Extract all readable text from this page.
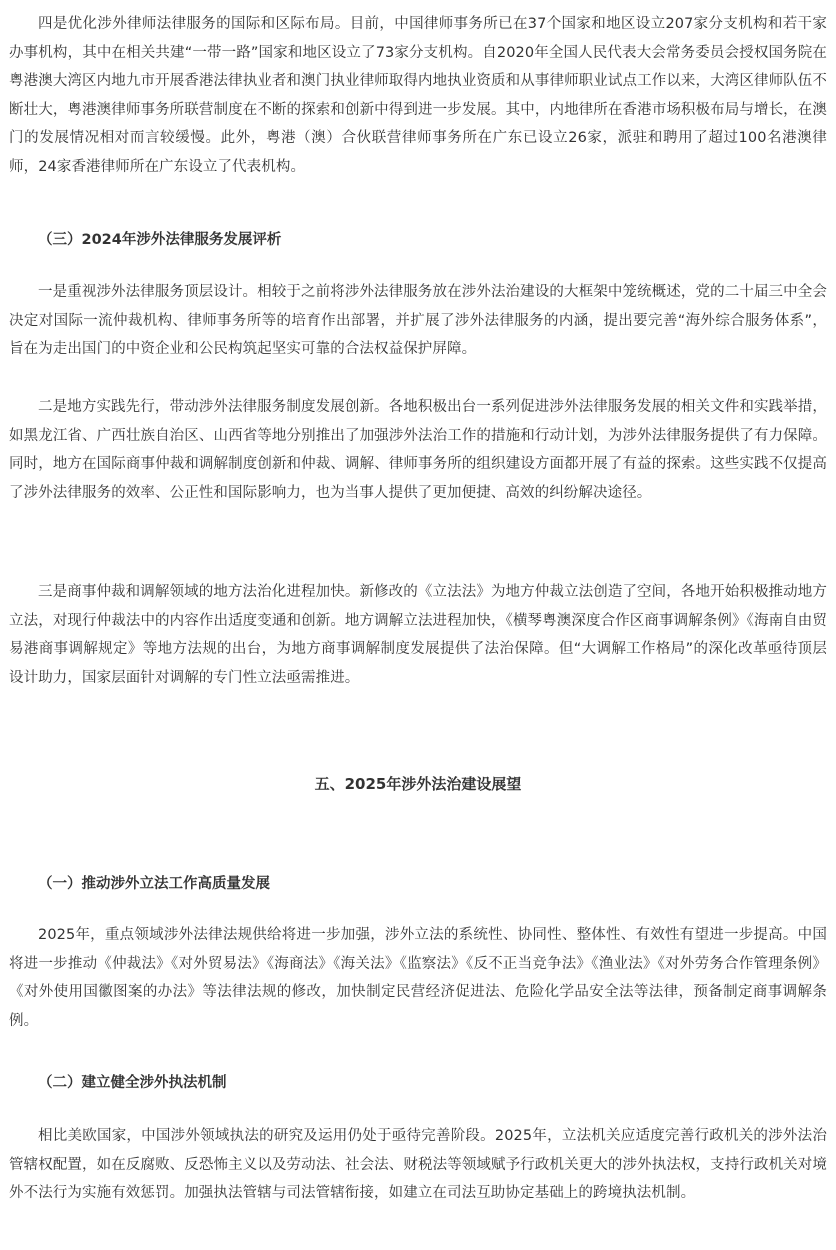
四是优化涉外律师法律服务的国际和区际布局。目前，中国律师事务所已在37个国家和地区设立207家分支机构和若干家办事机构，其中在相关共建“一带一路”国家和地区设立了73家分支机构。自2020年全国人民代表大会常务委员会授权国务院在粤港澳大湾区内地九市开展香港法律执业者和澳门执业律师取得内地执业资质和从事律师职业试点工作以来，大湾区律师队伍不断壮大，粤港澳律师事务所联营制度在不断的探索和创新中得到进一步发展。其中，内地律所在香港市场积极布局与增长，在澳门的发展情况相对而言较缓慢。此外，粤港（澳）合伙联营律师事务所在广东已设立26家，派驻和聘用了超过100名港澳律师，24家香港律师所在广东设立了代表机构。

（三）2024年涉外法律服务发展评析

一是重视涉外法律服务顶层设计。相较于之前将涉外法律服务放在涉外法治建设的大框架中笼统概述，党的二十届三中全会决定对国际一流仲裁机构、律师事务所等的培育作出部署，并扩展了涉外法律服务的内涵，提出要完善“海外综合服务体系”，旨在为走出国门的中资企业和公民构筑起坚实可靠的合法权益保护屏障。

二是地方实践先行，带动涉外法律服务制度发展创新。各地积极出台一系列促进涉外法律服务发展的相关文件和实践举措，如黑龙江省、广西壮族自治区、山西省等地分别推出了加强涉外法治工作的措施和行动计划，为涉外法律服务提供了有力保障。同时，地方在国际商事仲裁和调解制度创新和仲裁、调解、律师事务所的组织建设方面都开展了有益的探索。这些实践不仅提高了涉外法律服务的效率、公正性和国际影响力，也为当事人提供了更加便捷、高效的纠纷解决途径。

三是商事仲裁和调解领域的地方法治化进程加快。新修改的《立法法》为地方仲裁立法创造了空间，各地开始积极推动地方立法，对现行仲裁法中的内容作出适度变通和创新。地方调解立法进程加快，《横琴粤澳深度合作区商事调解条例》《海南自由贸易港商事调解规定》等地方法规的出台，为地方商事调解制度发展提供了法治保障。但“大调解工作格局”的深化改革亟待顶层设计助力，国家层面针对调解的专门性立法亟需推进。

五、2025年涉外法治建设展望

（一）推动涉外立法工作高质量发展

2025年，重点领域涉外法律法规供给将进一步加强，涉外立法的系统性、协同性、整体性、有效性有望进一步提高。中国将进一步推动《仲裁法》《对外贸易法》《海商法》《海关法》《监察法》《反不正当竞争法》《渔业法》《对外劳务合作管理条例》《对外使用国徽图案的办法》等法律法规的修改，加快制定民营经济促进法、危险化学品安全法等法律，预备制定商事调解条例。

（二）建立健全涉外执法机制

相比美欧国家，中国涉外领域执法的研究及运用仍处于亟待完善阶段。2025年，立法机关应适度完善行政机关的涉外法治管辖权配置，如在反腐败、反恐怖主义以及劳动法、社会法、财税法等领域赋予行政机关更大的涉外执法权，支持行政机关对境外不法行为实施有效惩罚。加强执法管辖与司法管辖衔接，如建立在司法互助协定基础上的跨境执法机制。
